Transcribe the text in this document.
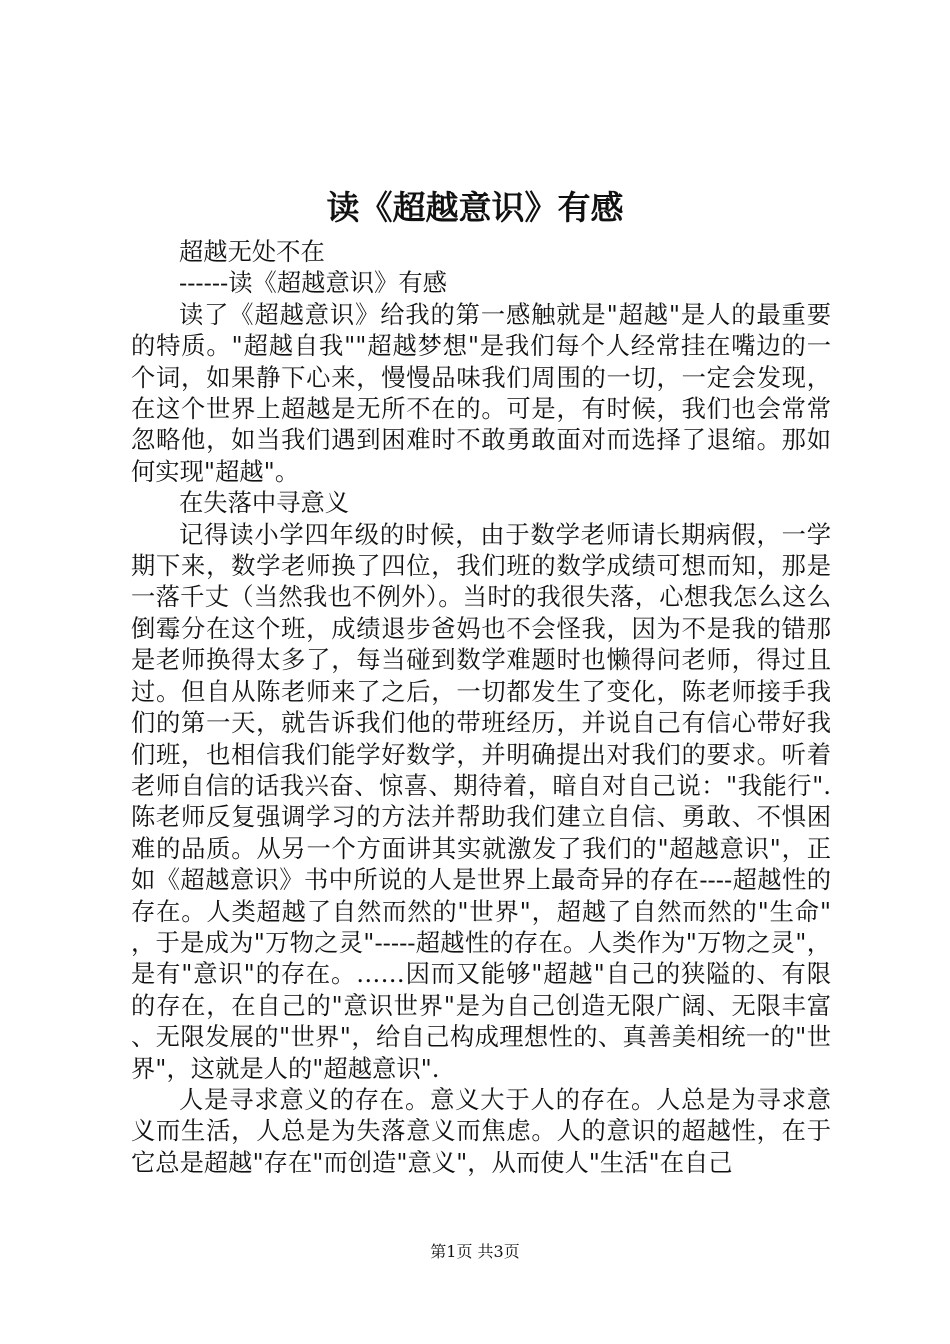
读《超越意识》有感

超越无处不在

------读《超越意识》有感

读了《超越意识》给我的第一感触就是"超越"是人的最重要的特质。"超越自我""超越梦想"是我们每个人经常挂在嘴边的一个词，如果静下心来，慢慢品味我们周围的一切，一定会发现，在这个世界上超越是无所不在的。可是，有时候，我们也会常常忽略他，如当我们遇到困难时不敢勇敢面对而选择了退缩。那如何实现"超越"。

在失落中寻意义

记得读小学四年级的时候，由于数学老师请长期病假，一学期下来，数学老师换了四位，我们班的数学成绩可想而知，那是一落千丈（当然我也不例外）。当时的我很失落，心想我怎么这么倒霉分在这个班，成绩退步爸妈也不会怪我，因为不是我的错那是老师换得太多了，每当碰到数学难题时也懒得问老师，得过且过。但自从陈老师来了之后，一切都发生了变化，陈老师接手我们的第一天，就告诉我们他的带班经历，并说自己有信心带好我们班，也相信我们能学好数学，并明确提出对我们的要求。听着老师自信的话我兴奋、惊喜、期待着，暗自对自己说："我能行".陈老师反复强调学习的方法并帮助我们建立自信、勇敢、不惧困难的品质。从另一个方面讲其实就激发了我们的"超越意识"，正如《超越意识》书中所说的人是世界上最奇异的存在----超越性的存在。人类超越了自然而然的"世界"，超越了自然而然的"生命"，于是成为"万物之灵"-----超越性的存在。人类作为"万物之灵"，是有"意识"的存在。……因而又能够"超越"自己的狭隘的、有限的存在，在自己的"意识世界"是为自己创造无限广阔、无限丰富、无限发展的"世界"，给自己构成理想性的、真善美相统一的"世界"，这就是人的"超越意识".

人是寻求意义的存在。意义大于人的存在。人总是为寻求意义而生活，人总是为失落意义而焦虑。人的意识的超越性，在于它总是超越"存在"而创造"意义"，从而使人"生活"在自己

第1页 共3页
